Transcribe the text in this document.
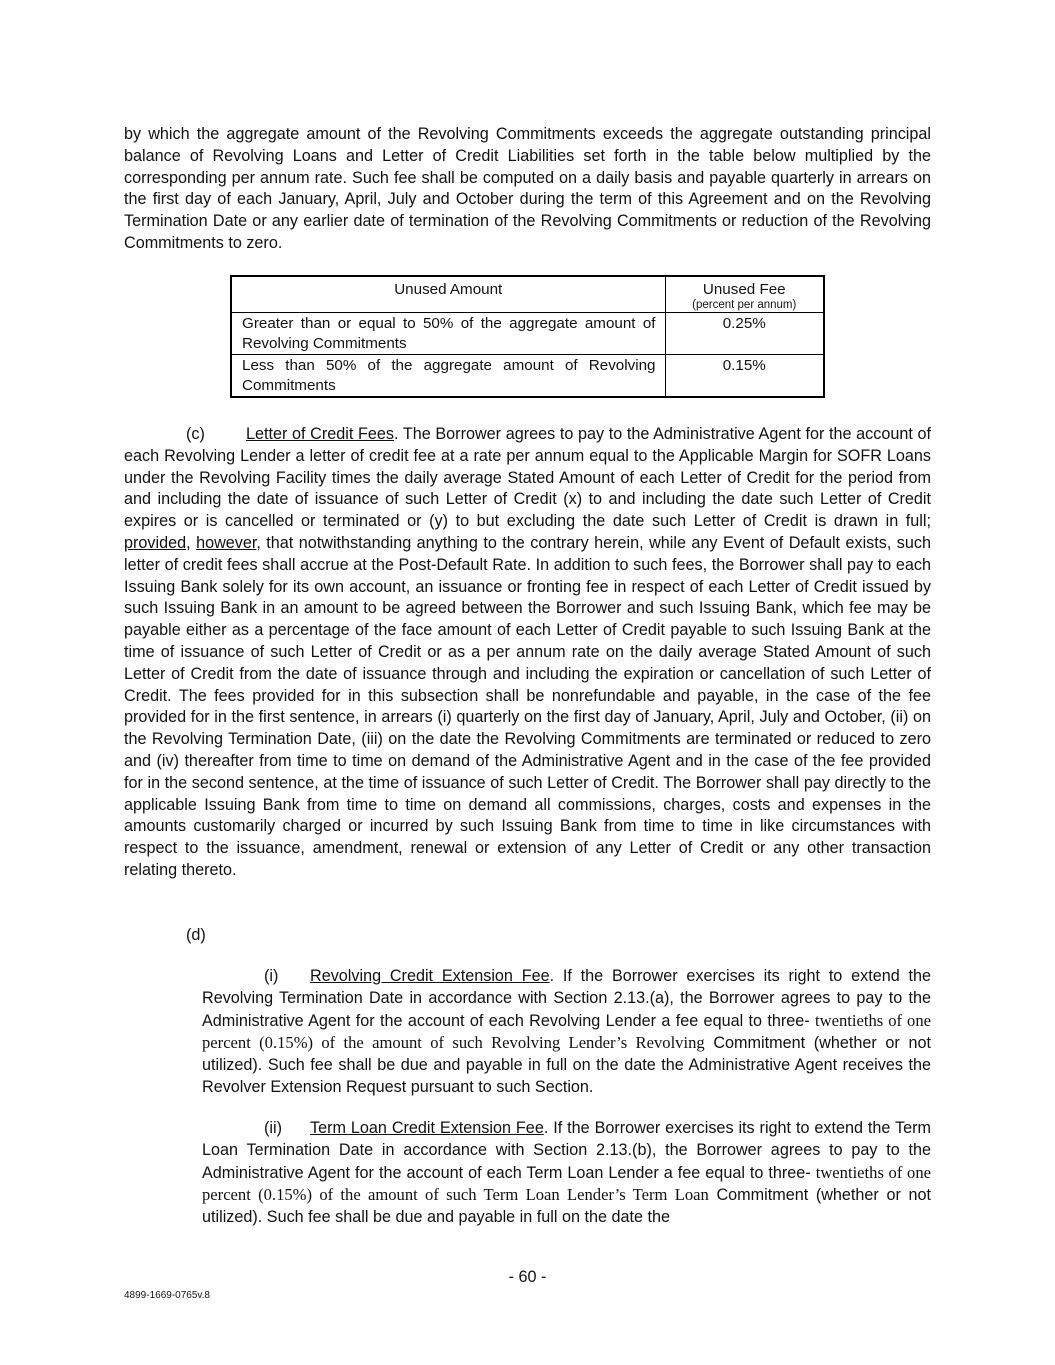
by which the aggregate amount of the Revolving Commitments exceeds the aggregate outstanding principal balance of Revolving Loans and Letter of Credit Liabilities set forth in the table below multiplied by the corresponding per annum rate. Such fee shall be computed on a daily basis and payable quarterly in arrears on the first day of each January, April, July and October during the term of this Agreement and on the Revolving Termination Date or any earlier date of termination of the Revolving Commitments or reduction of the Revolving Commitments to zero.

Unused Amount	Unused Fee
(percent per annum)

Greater than or equal to 50% of the aggregate amount of Revolving Commitments	0.25%
Less than 50% of the aggregate amount of Revolving Commitments	0.15%

(c)	Letter of Credit Fees. The Borrower agrees to pay to the Administrative Agent for the account of each Revolving Lender a letter of credit fee at a rate per annum equal to the Applicable Margin for SOFR Loans under the Revolving Facility times the daily average Stated Amount of each Letter of Credit for the period from and including the date of issuance of such Letter of Credit (x) to and including the date such Letter of Credit expires or is cancelled or terminated or (y) to but excluding the date such Letter of Credit is drawn in full; provided, however, that notwithstanding anything to the contrary herein, while any Event of Default exists, such letter of credit fees shall accrue at the Post-Default Rate. In addition to such fees, the Borrower shall pay to each Issuing Bank solely for its own account, an issuance or fronting fee in respect of each Letter of Credit issued by such Issuing Bank in an amount to be agreed between the Borrower and such Issuing Bank, which fee may be payable either as a percentage of the face amount of each Letter of Credit payable to such Issuing Bank at the time of issuance of such Letter of Credit or as a per annum rate on the daily average Stated Amount of such Letter of Credit from the date of issuance through and including the expiration or cancellation of such Letter of Credit. The fees provided for in this subsection shall be nonrefundable and payable, in the case of the fee provided for in the first sentence, in arrears (i) quarterly on the first day of January, April, July and October, (ii) on the Revolving Termination Date, (iii) on the date the Revolving Commitments are terminated or reduced to zero and (iv) thereafter from time to time on demand of the Administrative Agent and in the case of the fee provided for in the second sentence, at the time of issuance of such Letter of Credit. The Borrower shall pay directly to the applicable Issuing Bank from time to time on demand all commissions, charges, costs and expenses in the amounts customarily charged or incurred by such Issuing Bank from time to time in like circumstances with respect to the issuance, amendment, renewal or extension of any Letter of Credit or any other transaction relating thereto.

(d)

(i) Revolving Credit Extension Fee. If the Borrower exercises its right to extend the Revolving Termination Date in accordance with Section 2.13.(a), the Borrower agrees to pay to the Administrative Agent for the account of each Revolving Lender a fee equal to three- twentieths of one percent (0.15%) of the amount of such Revolving Lender’s Revolving Commitment (whether or not utilized). Such fee shall be due and payable in full on the date the Administrative Agent receives the Revolver Extension Request pursuant to such Section.

(ii) Term Loan Credit Extension Fee. If the Borrower exercises its right to extend the Term Loan Termination Date in accordance with Section 2.13.(b), the Borrower agrees to pay to the Administrative Agent for the account of each Term Loan Lender a fee equal to three- twentieths of one percent (0.15%) of the amount of such Term Loan Lender’s Term Loan Commitment (whether or not utilized). Such fee shall be due and payable in full on the date the

- 60 -
4899-1669-0765v.8
